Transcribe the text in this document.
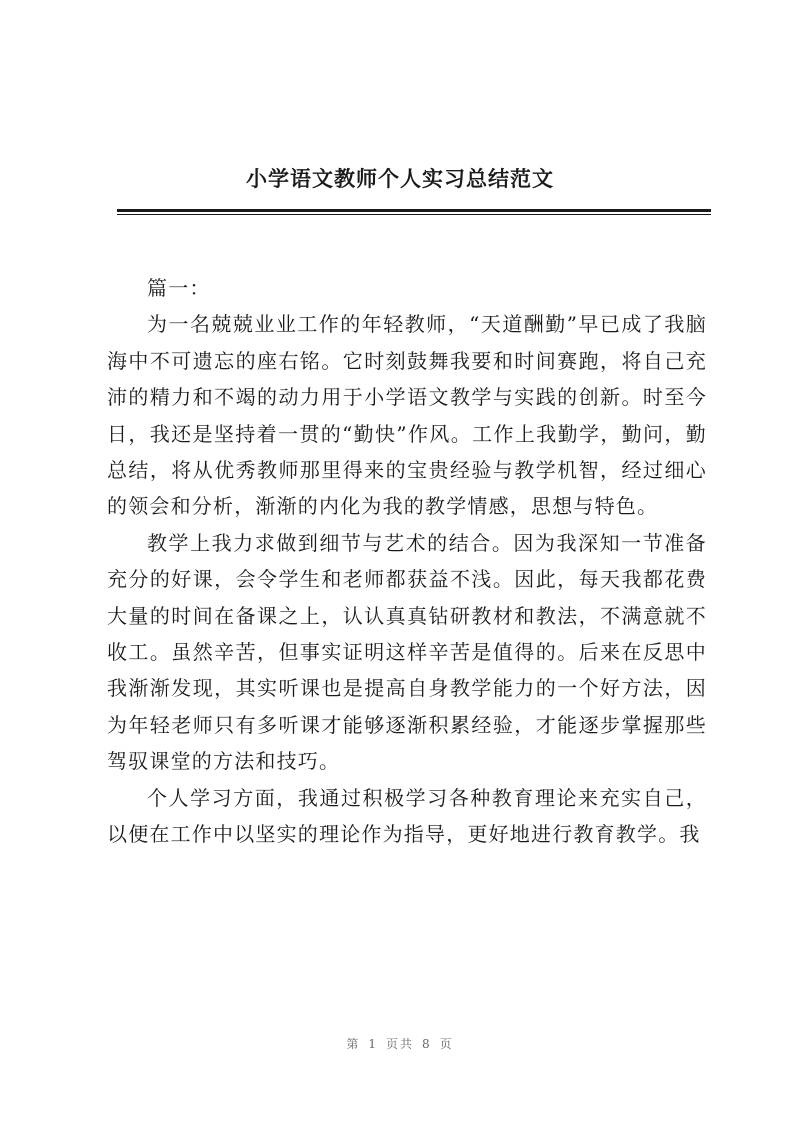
小学语文教师个人实习总结范文

篇一：

为一名兢兢业业工作的年轻教师，“天道酬勤”早已成了我脑海中不可遗忘的座右铭。它时刻鼓舞我要和时间赛跑，将自己充沛的精力和不竭的动力用于小学语文教学与实践的创新。时至今日，我还是坚持着一贯的“勤快”作风。工作上我勤学，勤问，勤总结，将从优秀教师那里得来的宝贵经验与教学机智，经过细心的领会和分析，渐渐的内化为我的教学情感，思想与特色。

教学上我力求做到细节与艺术的结合。因为我深知一节准备充分的好课，会令学生和老师都获益不浅。因此，每天我都花费大量的时间在备课之上，认认真真钻研教材和教法，不满意就不收工。虽然辛苦，但事实证明这样辛苦是值得的。后来在反思中我渐渐发现，其实听课也是提高自身教学能力的一个好方法，因为年轻老师只有多听课才能够逐渐积累经验，才能逐步掌握那些驾驭课堂的方法和技巧。

个人学习方面，我通过积极学习各种教育理论来充实自己，以便在工作中以坚实的理论作为指导，更好地进行教育教学。我

第 1 页共 8 页
